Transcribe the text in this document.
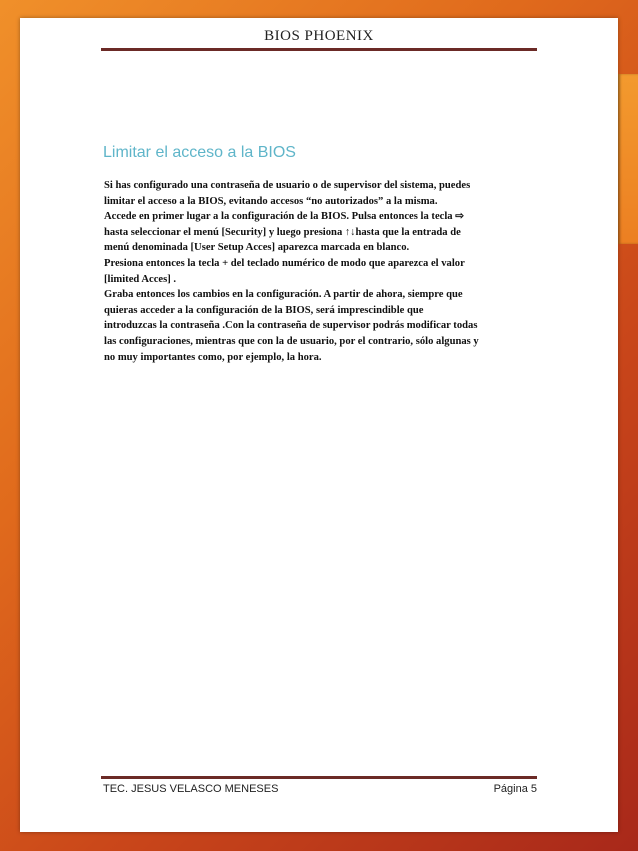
BIOS PHOENIX
Limitar el acceso a la BIOS
Si has configurado una contraseña de usuario o de supervisor del sistema, puedes
limitar el acceso a la BIOS, evitando accesos “no autorizados” a la misma.
Accede en primer lugar a la configuración de la BIOS. Pulsa entonces la tecla ⇨
hasta seleccionar el menú [Security] y luego presiona ↑↓hasta que la entrada de
menú denominada [User Setup Acces] aparezca marcada en blanco.
Presiona entonces la tecla + del teclado numérico de modo que aparezca el valor
[limited Acces] .
Graba entonces los cambios en la configuración. A partir de ahora, siempre que
quieras acceder a la configuración de la BIOS, será imprescindible que
introduzcas la contraseña .Con la contraseña de supervisor podrás modificar todas
las configuraciones, mientras que con la de usuario, por el contrario, sólo algunas y
no muy importantes como, por ejemplo, la hora.
TEC. JESUS VELASCO MENESES	Página 5
